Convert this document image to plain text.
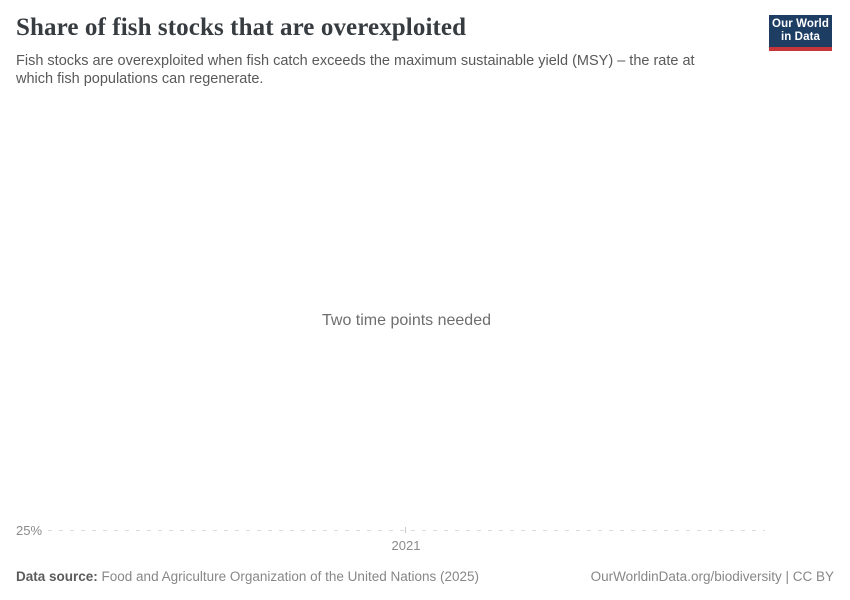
Share of fish stocks that are overexploited

Fish stocks are overexploited when fish catch exceeds the maximum sustainable yield (MSY) – the rate at which fish populations can regenerate.

Our World
in Data
Two time points needed
25%
2021
Data source: Food and Agriculture Organization of the United Nations (2025)	OurWorldinData.org/biodiversity | CC BY
